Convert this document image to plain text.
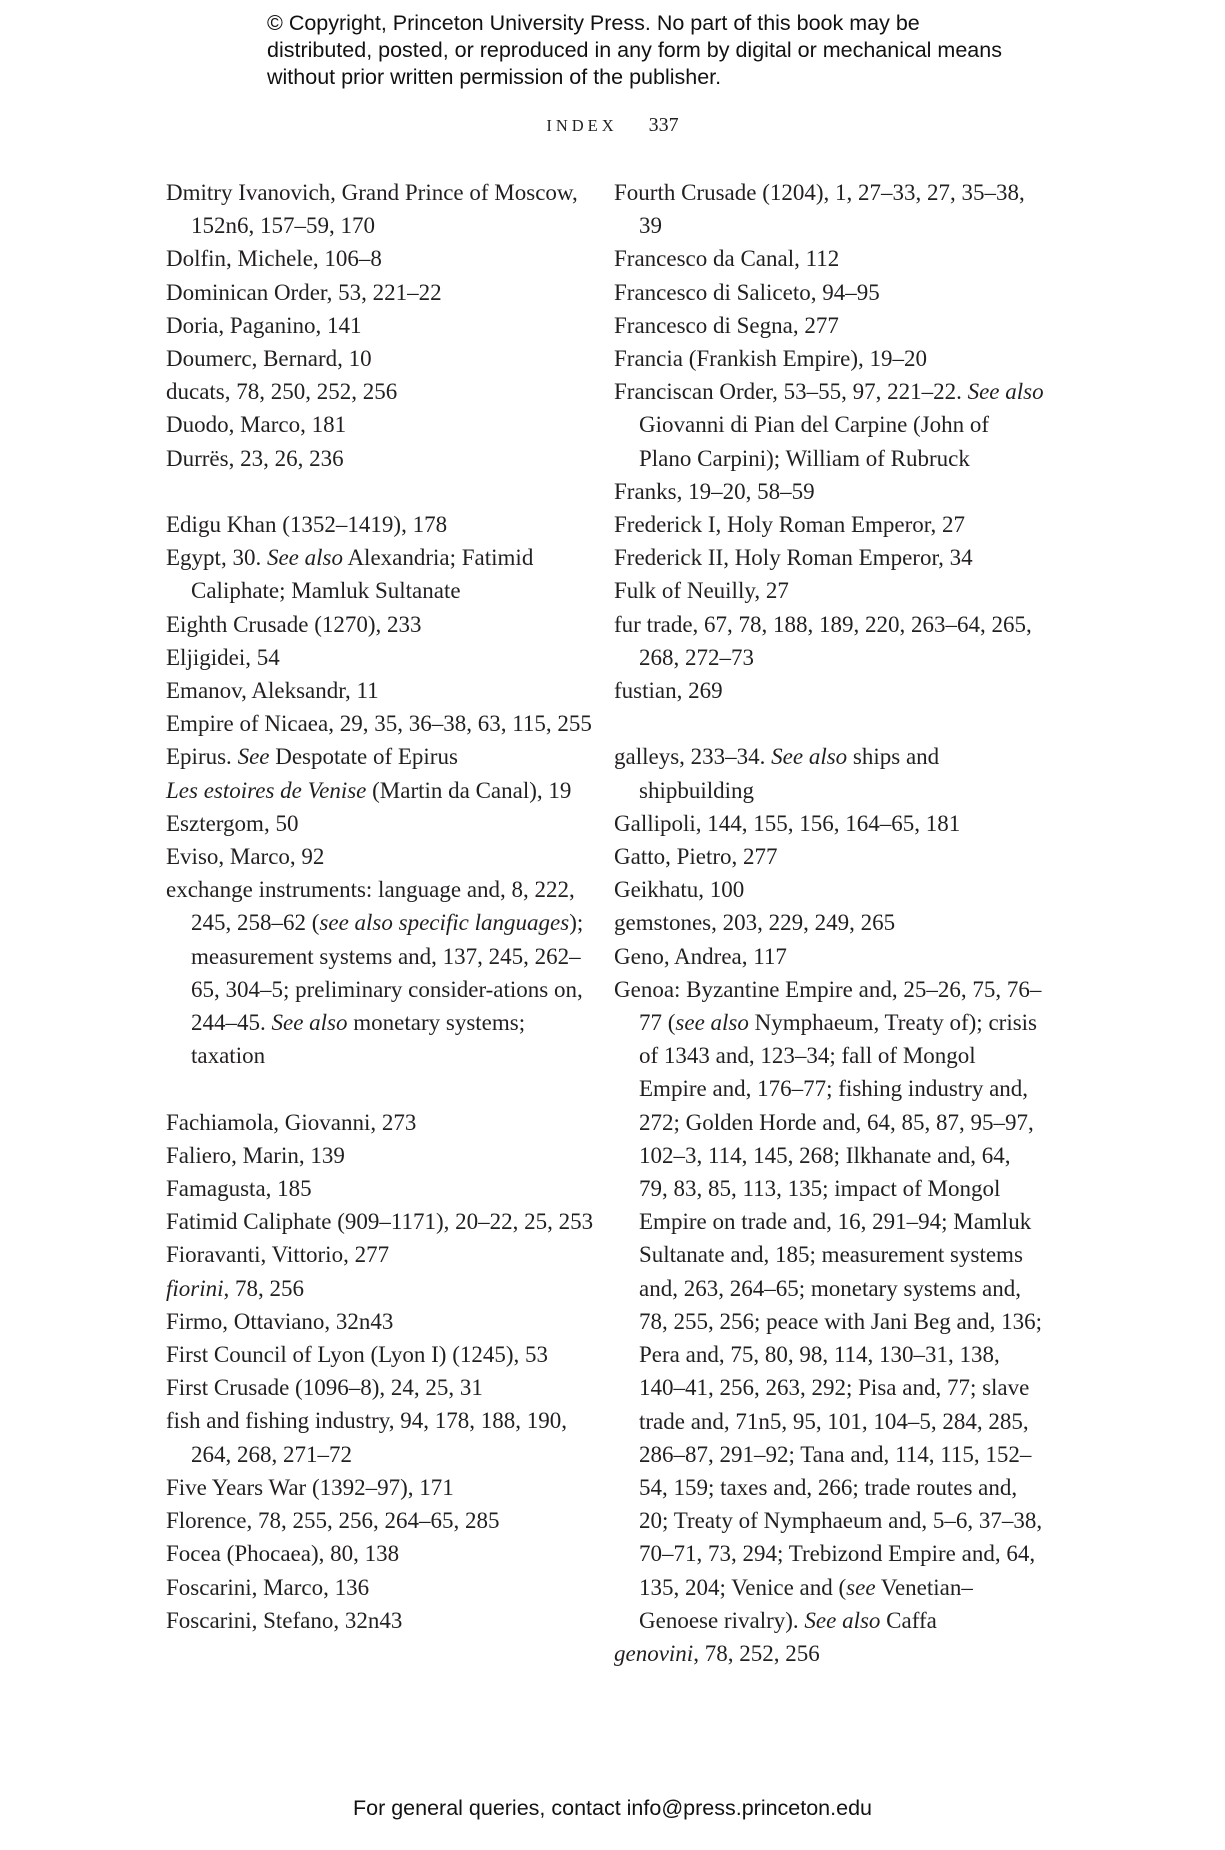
© Copyright, Princeton University Press. No part of this book may be distributed, posted, or reproduced in any form by digital or mechanical means without prior written permission of the publisher.
INDEX 337
Dmitry Ivanovich, Grand Prince of Moscow, 152n6, 157–59, 170
Dolfin, Michele, 106–8
Dominican Order, 53, 221–22
Doria, Paganino, 141
Doumerc, Bernard, 10
ducats, 78, 250, 252, 256
Duodo, Marco, 181
Durrës, 23, 26, 236
Edigu Khan (1352–1419), 178
Egypt, 30. See also Alexandria; Fatimid Caliphate; Mamluk Sultanate
Eighth Crusade (1270), 233
Eljigidei, 54
Emanov, Aleksandr, 11
Empire of Nicaea, 29, 35, 36–38, 63, 115, 255
Epirus. See Despotate of Epirus
Les estoires de Venise (Martin da Canal), 19
Esztergom, 50
Eviso, Marco, 92
exchange instruments: language and, 8, 222, 245, 258–62 (see also specific languages); measurement systems and, 137, 245, 262–65, 304–5; preliminary consider-ations on, 244–45. See also monetary systems; taxation
Fachiamola, Giovanni, 273
Faliero, Marin, 139
Famagusta, 185
Fatimid Caliphate (909–1171), 20–22, 25, 253
Fioravanti, Vittorio, 277
fiorini, 78, 256
Firmo, Ottaviano, 32n43
First Council of Lyon (Lyon I) (1245), 53
First Crusade (1096–8), 24, 25, 31
fish and fishing industry, 94, 178, 188, 190, 264, 268, 271–72
Five Years War (1392–97), 171
Florence, 78, 255, 256, 264–65, 285
Focea (Phocaea), 80, 138
Foscarini, Marco, 136
Foscarini, Stefano, 32n43
Fourth Crusade (1204), 1, 27–33, 27, 35–38, 39
Francesco da Canal, 112
Francesco di Saliceto, 94–95
Francesco di Segna, 277
Francia (Frankish Empire), 19–20
Franciscan Order, 53–55, 97, 221–22. See also Giovanni di Pian del Carpine (John of Plano Carpini); William of Rubruck
Franks, 19–20, 58–59
Frederick I, Holy Roman Emperor, 27
Frederick II, Holy Roman Emperor, 34
Fulk of Neuilly, 27
fur trade, 67, 78, 188, 189, 220, 263–64, 265, 268, 272–73
fustian, 269
galleys, 233–34. See also ships and shipbuilding
Gallipoli, 144, 155, 156, 164–65, 181
Gatto, Pietro, 277
Geikhatu, 100
gemstones, 203, 229, 249, 265
Geno, Andrea, 117
Genoa: Byzantine Empire and, 25–26, 75, 76–77 (see also Nymphaeum, Treaty of); crisis of 1343 and, 123–34; fall of Mongol Empire and, 176–77; fishing industry and, 272; Golden Horde and, 64, 85, 87, 95–97, 102–3, 114, 145, 268; Ilkhanate and, 64, 79, 83, 85, 113, 135; impact of Mongol Empire on trade and, 16, 291–94; Mamluk Sultanate and, 185; measurement systems and, 263, 264–65; monetary systems and, 78, 255, 256; peace with Jani Beg and, 136; Pera and, 75, 80, 98, 114, 130–31, 138, 140–41, 256, 263, 292; Pisa and, 77; slave trade and, 71n5, 95, 101, 104–5, 284, 285, 286–87, 291–92; Tana and, 114, 115, 152–54, 159; taxes and, 266; trade routes and, 20; Treaty of Nymphaeum and, 5–6, 37–38, 70–71, 73, 294; Trebizond Empire and, 64, 135, 204; Venice and (see Venetian–Genoese rivalry). See also Caffa
genovini, 78, 252, 256
For general queries, contact info@press.princeton.edu
